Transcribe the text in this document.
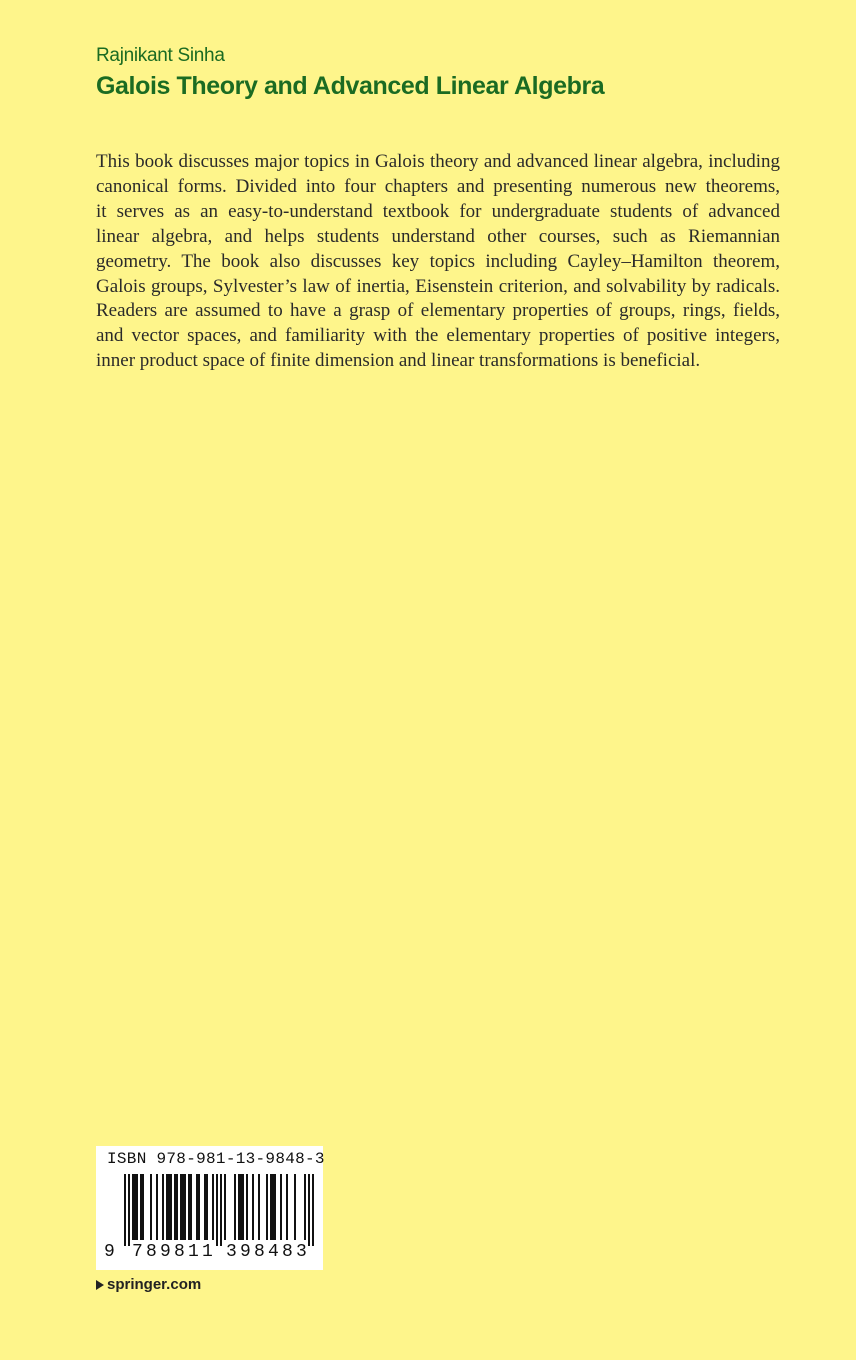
Rajnikant Sinha
Galois Theory and Advanced Linear Algebra
This book discusses major topics in Galois theory and advanced linear algebra, including
canonical forms. Divided into four chapters and presenting numerous new theorems,
it serves as an easy-to-understand textbook for undergraduate students of advanced
linear algebra, and helps students understand other courses, such as Riemannian
geometry. The book also discusses key topics including Cayley–Hamilton theorem,
Galois groups, Sylvester’s law of inertia, Eisenstein criterion, and solvability by radicals.
Readers are assumed to have a grasp of elementary properties of groups, rings, fields,
and vector spaces, and familiarity with the elementary properties of positive integers,
inner product space of finite dimension and linear transformations is beneficial.
ISBN 978-981-13-9848-3
9 7 8 9 8 1 1 3 9 8 4 8 3
springer.com
